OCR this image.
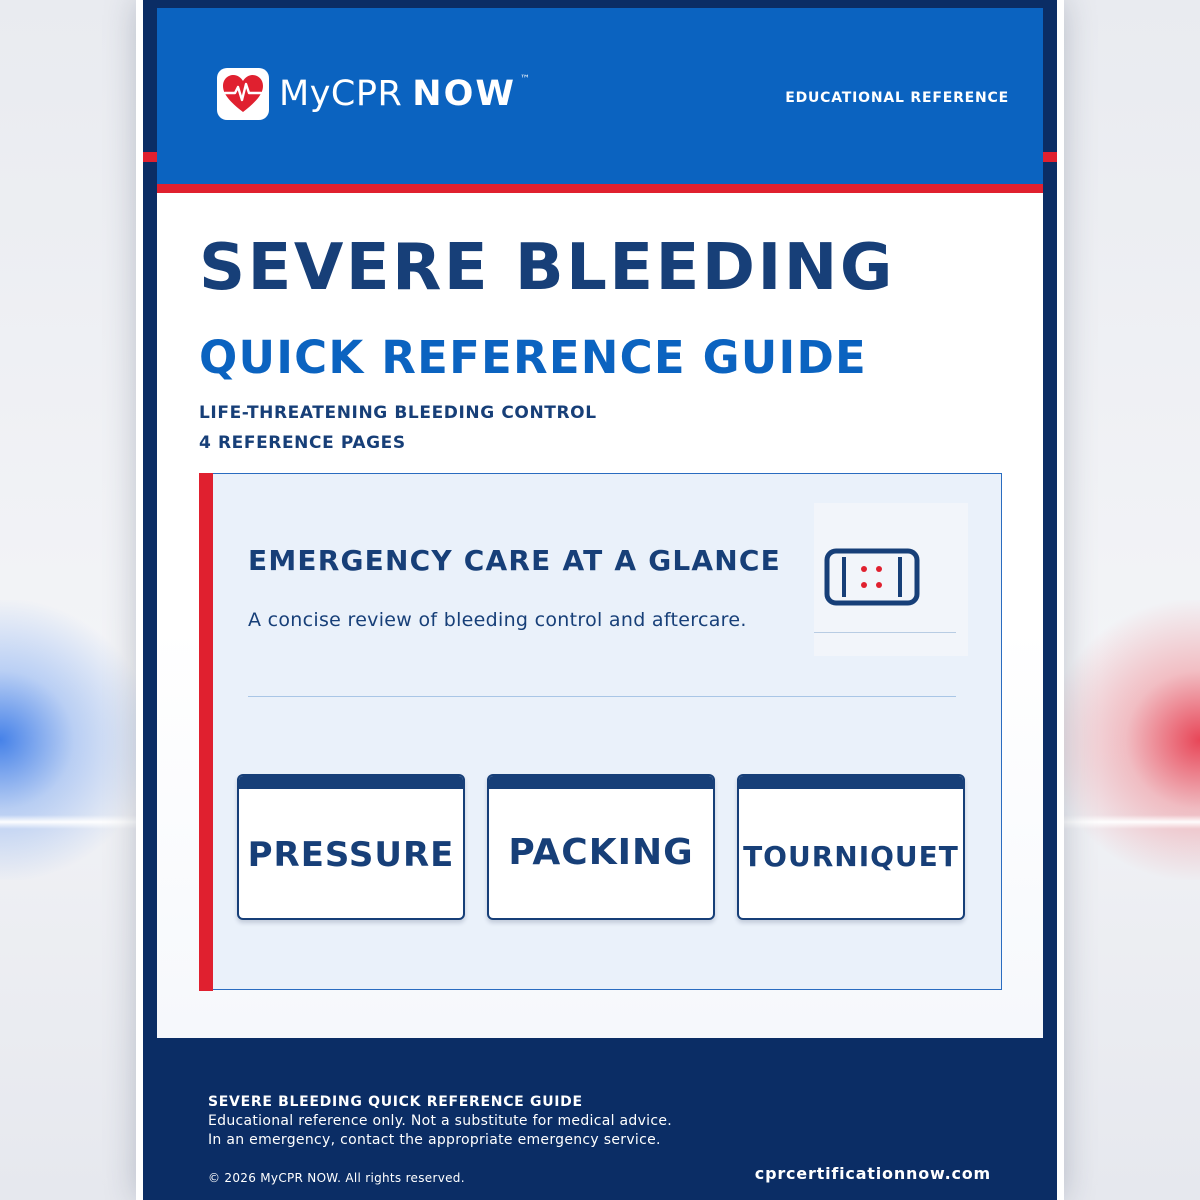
MyCPR NOW ™
EDUCATIONAL REFERENCE
SEVERE BLEEDING
QUICK REFERENCE GUIDE
LIFE-THREATENING BLEEDING CONTROL
4 REFERENCE PAGES
EMERGENCY CARE AT A GLANCE
A concise review of bleeding control and aftercare.
PRESSURE	PACKING	TOURNIQUET
SEVERE BLEEDING QUICK REFERENCE GUIDE
Educational reference only. Not a substitute for medical advice.
In an emergency, contact the appropriate emergency service.
© 2026 MyCPR NOW. All rights reserved.	cprcertificationnow.com
